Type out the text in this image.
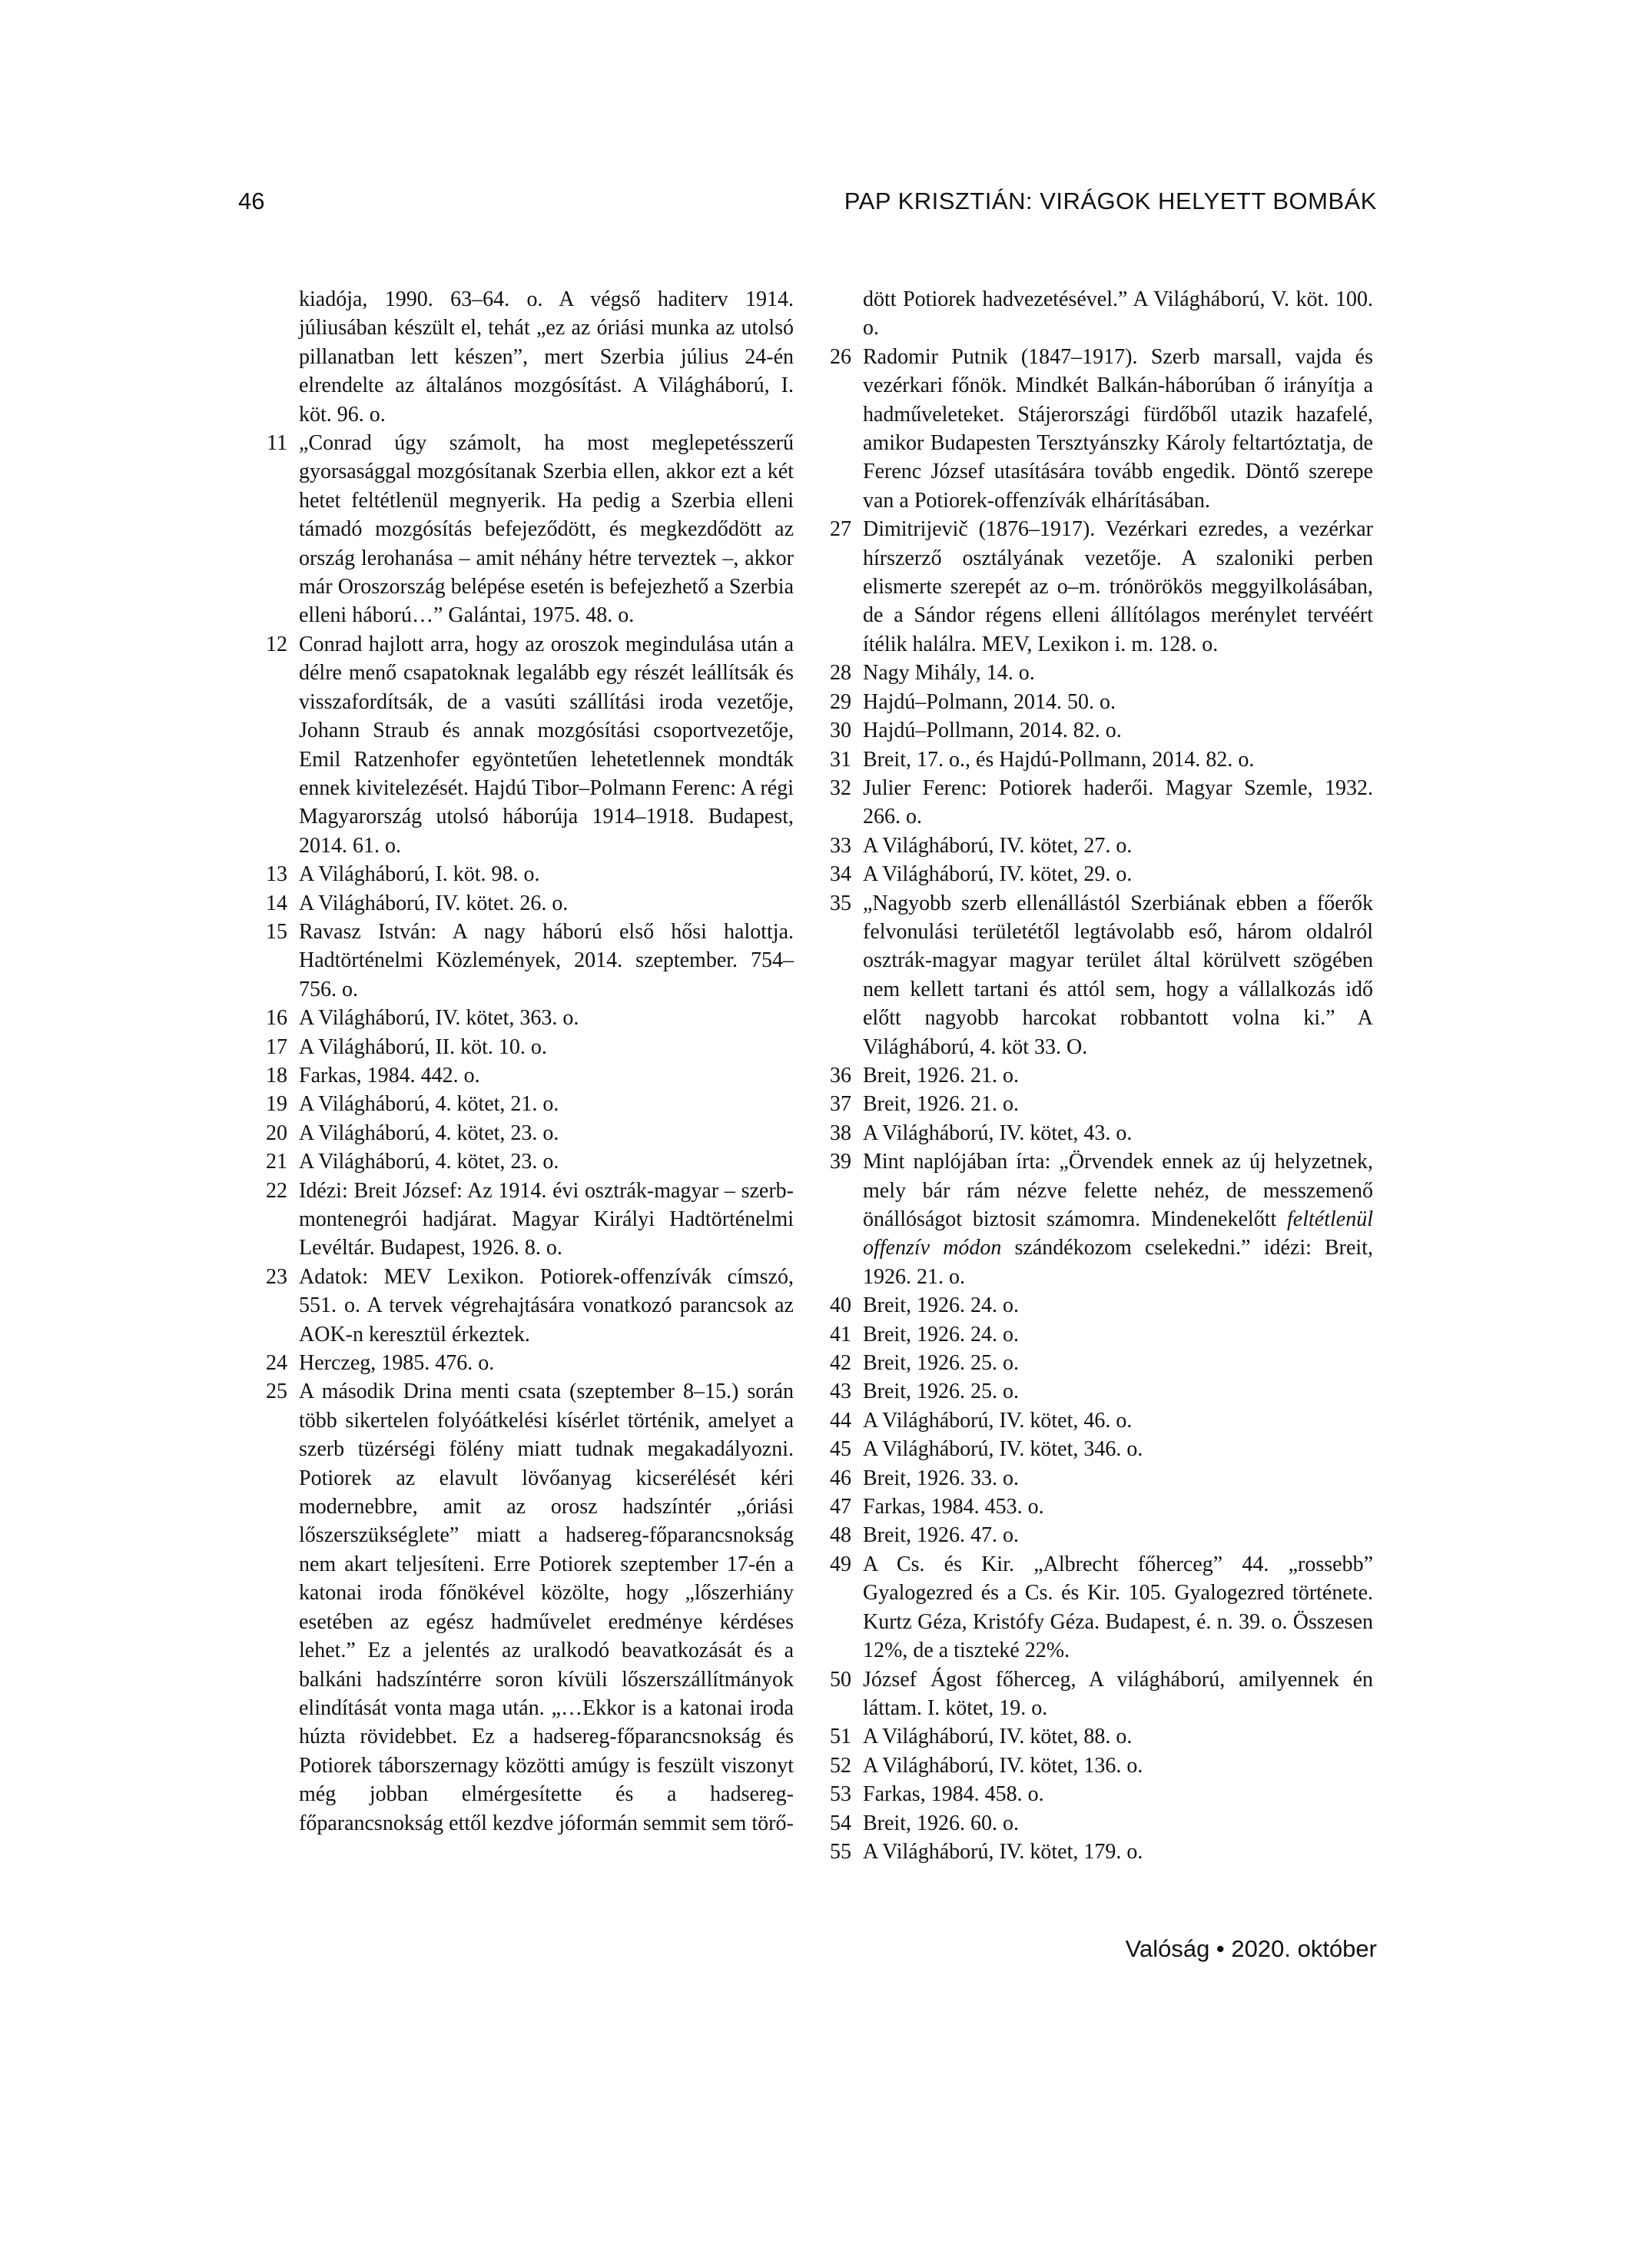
46	PAP KRISZTIÁN: VIRÁGOK HELYETT BOMBÁK

kiadója, 1990. 63–64. o. A végső haditerv 1914. júliusában készült el, tehát „ez az óriási munka az utolsó pillanatban lett készen”, mert Szerbia július 24-én elrendelte az általános mozgósítást. A Világháború, I. köt. 96. o.

11 „Conrad úgy számolt, ha most meglepetésszerű gyorsasággal mozgósítanak Szerbia ellen, akkor ezt a két hetet feltétlenül megnyerik. Ha pedig a Szerbia elleni támadó mozgósítás befejeződött, és megkezdődött az ország lerohanása – amit néhány hétre terveztek –, akkor már Oroszország belépése esetén is befejezhető a Szerbia elleni háború…” Galántai, 1975. 48. o.

12 Conrad hajlott arra, hogy az oroszok megindulása után a délre menő csapatoknak legalább egy részét leállítsák és visszafordítsák, de a vasúti szállítási iroda vezetője, Johann Straub és annak mozgósítási csoportvezetője, Emil Ratzenhofer egyöntetűen lehetetlennek mondták ennek kivitelezését. Hajdú Tibor–Polmann Ferenc: A régi Magyarország utolsó háborúja 1914–1918. Budapest, 2014. 61. o.

13 A Világháború, I. köt. 98. o.

14 A Világháború, IV. kötet. 26. o.

15 Ravasz István: A nagy háború első hősi halottja. Hadtörténelmi Közlemények, 2014. szeptember. 754–756. o.

16 A Világháború, IV. kötet, 363. o.

17 A Világháború, II. köt. 10. o.

18 Farkas, 1984. 442. o.

19 A Világháború, 4. kötet, 21. o.

20 A Világháború, 4. kötet, 23. o.

21 A Világháború, 4. kötet, 23. o.

22 Idézi: Breit József: Az 1914. évi osztrák-magyar – szerb-montenegrói hadjárat. Magyar Királyi Hadtörténelmi Levéltár. Budapest, 1926. 8. o.

23 Adatok: MEV Lexikon. Potiorek-offenzívák címszó, 551. o. A tervek végrehajtására vonatkozó parancsok az AOK-n keresztül érkeztek.

24 Herczeg, 1985. 476. o.

25 A második Drina menti csata (szeptember 8–15.) során több sikertelen folyóátkelési kísérlet történik, amelyet a szerb tüzérségi fölény miatt tudnak megakadályozni. Potiorek az elavult lövőanyag kicserélését kéri modernebbre, amit az orosz hadszíntér „óriási lőszerszükséglete” miatt a hadsereg-főparancsnokság nem akart teljesíteni. Erre Potiorek szeptember 17-én a katonai iroda főnökével közölte, hogy „lőszerhiány esetében az egész hadművelet eredménye kérdéses lehet.” Ez a jelentés az uralkodó beavatkozását és a balkáni hadszíntérre soron kívüli lőszerszállítmányok elindítását vonta maga után. „…Ekkor is a katonai iroda húzta rövidebbet. Ez a hadsereg-főparancsnokság és Potiorek táborszernagy közötti amúgy is feszült viszonyt még jobban elmérgesítette és a hadsereg-főparancsnokság ettől kezdve jóformán semmit sem törő-

dött Potiorek hadvezetésével.” A Világháború, V. köt. 100. o.

26 Radomir Putnik (1847–1917). Szerb marsall, vajda és vezérkari főnök. Mindkét Balkán-háborúban ő irányítja a hadműveleteket. Stájerországi fürdőből utazik hazafelé, amikor Budapesten Tersztyánszky Károly feltartóztatja, de Ferenc József utasítására tovább engedik. Döntő szerepe van a Potiorek-offenzívák elhárításában.

27 Dimitrijevič (1876–1917). Vezérkari ezredes, a vezérkar hírszerző osztályának vezetője. A szaloniki perben elismerte szerepét az o–m. trónörökös meggyilkolásában, de a Sándor régens elleni állítólagos merénylet tervéért ítélik halálra. MEV, Lexikon i. m. 128. o.

28 Nagy Mihály, 14. o.

29 Hajdú–Polmann, 2014. 50. o.

30 Hajdú–Pollmann, 2014. 82. o.

31 Breit, 17. o., és Hajdú-Pollmann, 2014. 82. o.

32 Julier Ferenc: Potiorek haderői. Magyar Szemle, 1932. 266. o.

33 A Világháború, IV. kötet, 27. o.

34 A Világháború, IV. kötet, 29. o.

35 „Nagyobb szerb ellenállástól Szerbiának ebben a főerők felvonulási területétől legtávolabb eső, három oldalról osztrák-magyar magyar terület által körülvett szögében nem kellett tartani és attól sem, hogy a vállalkozás idő előtt nagyobb harcokat robbantott volna ki.” A Világháború, 4. köt 33. O.

36 Breit, 1926. 21. o.

37 Breit, 1926. 21. o.

38 A Világháború, IV. kötet, 43. o.

39 Mint naplójában írta: „Örvendek ennek az új helyzetnek, mely bár rám nézve felette nehéz, de messzemenő önállóságot biztosit számomra. Mindenekelőtt feltétlenül offenzív módon szándékozom cselekedni.” idézi: Breit, 1926. 21. o.

40 Breit, 1926. 24. o.

41 Breit, 1926. 24. o.

42 Breit, 1926. 25. o.

43 Breit, 1926. 25. o.

44 A Világháború, IV. kötet, 46. o.

45 A Világháború, IV. kötet, 346. o.

46 Breit, 1926. 33. o.

47 Farkas, 1984. 453. o.

48 Breit, 1926. 47. o.

49 A Cs. és Kir. „Albrecht főherceg” 44. „rossebb” Gyalogezred és a Cs. és Kir. 105. Gyalogezred története. Kurtz Géza, Kristófy Géza. Budapest, é. n. 39. o. Összesen 12%, de a tiszteké 22%.

50 József Ágost főherceg, A világháború, amilyennek én láttam. I. kötet, 19. o.

51 A Világháború, IV. kötet, 88. o.

52 A Világháború, IV. kötet, 136. o.

53 Farkas, 1984. 458. o.

54 Breit, 1926. 60. o.

55 A Világháború, IV. kötet, 179. o.

Valóság • 2020. október
